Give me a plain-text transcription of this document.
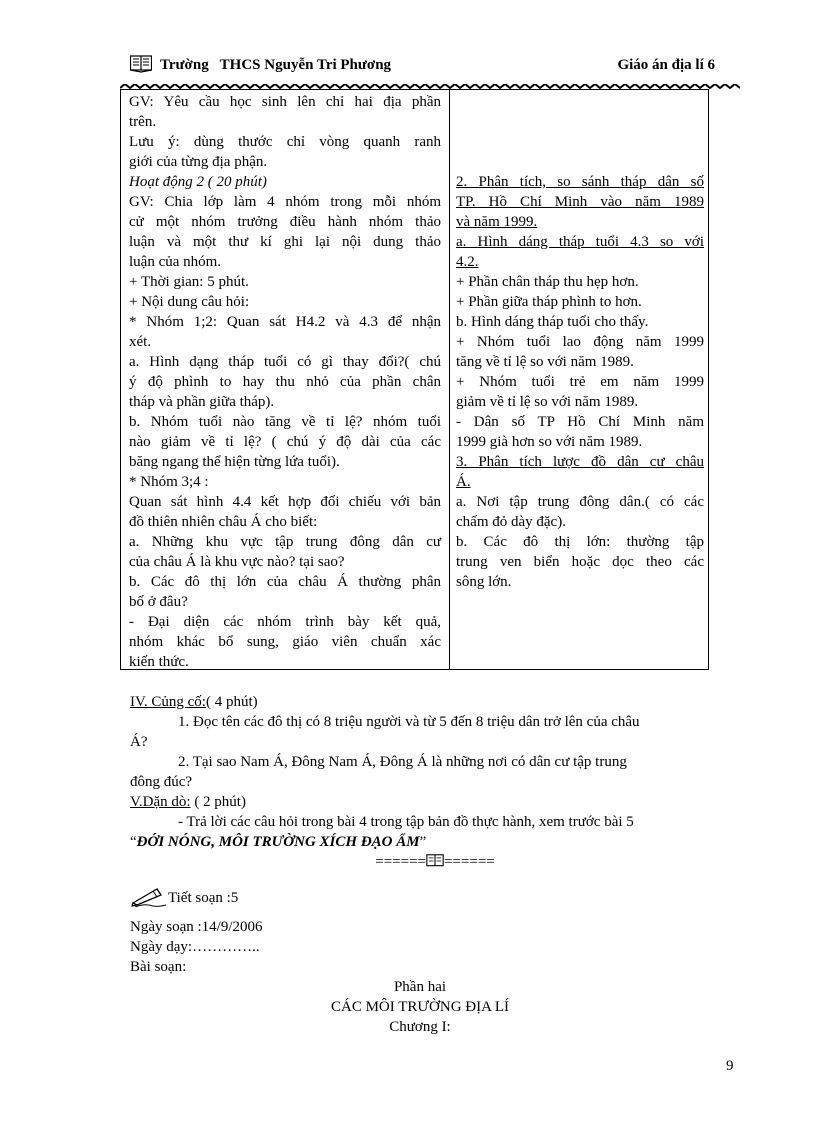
Trường   THCS Nguyễn Tri Phương	Giáo án địa lí 6
GV: Yêu cầu học sinh lên chỉ hai địa phần
trên.
Lưu ý: dùng thước chỉ vòng quanh ranh
giới của từng địa phận.
Hoạt động 2 ( 20 phút)
GV: Chia lớp làm 4 nhóm trong mỗi nhóm
cử một nhóm trưởng điều hành nhóm thảo
luận và một thư kí ghi lại nội dung thảo
luận của nhóm.
+ Thời gian: 5 phút.
+ Nội dung câu hỏi:
* Nhóm 1;2: Quan sát H4.2 và 4.3 để nhận
xét.
a. Hình dạng tháp tuổi có gì thay đổi?( chú
ý độ phình to hay thu nhỏ của phần chân
tháp và phần giữa tháp).
b. Nhóm tuổi nào tăng về tỉ lệ? nhóm tuổi
nào giảm về tỉ lệ? ( chú ý độ dài của các
băng ngang thể hiện từng lứa tuổi).
* Nhóm 3;4 :
Quan sát hình 4.4 kết hợp đối chiếu với bản
đồ thiên nhiên châu Á cho biết:
a. Những khu vực tập trung đông dân cư
của châu Á là khu vực nào? tại sao?
b. Các đô thị lớn của châu Á thường phân
bố ở đâu?
- Đại diện các nhóm trình bày kết quả,
nhóm khác bổ sung, giáo viên chuẩn xác
kiến thức.
2. Phân tích, so sánh tháp dân số
TP. Hồ Chí Minh vào năm 1989
và năm 1999.
a. Hình dáng tháp tuổi 4.3 so với
4.2.
+ Phần chân tháp thu hẹp hơn.
+ Phần giữa tháp phình to hơn.
b. Hình dáng tháp tuổi cho thấy.
+ Nhóm tuổi lao động năm 1999
tăng về tỉ lệ so với năm 1989.
+ Nhóm tuổi trẻ em năm 1999
giảm về tỉ lệ so với năm 1989.
- Dân số TP Hồ Chí Minh năm
1999 già hơn so với năm 1989.
3. Phân tích lược đồ dân cư châu
Á.
a. Nơi tập trung đông dân.( có các
chấm đỏ dày đặc).
b. Các đô thị lớn: thường tập
trung ven biển hoặc dọc theo các
sông lớn.
IV. Củng cố:( 4 phút)
1. Đọc tên các đô thị có 8 triệu người và từ 5 đến 8 triệu dân trở lên của châu
Á?
2. Tại sao Nam Á, Đông Nam Á, Đông Á là những nơi có dân cư tập trung
đông đúc?
V.Dặn dò: ( 2 phút)
- Trả lời các câu hỏi trong bài 4 trong tập bản đồ thực hành, xem trước bài 5
“ĐỚI NÓNG, MÔI TRƯỜNG XÍCH ĐẠO ẨM”
====== ======
Tiết soạn :5
Ngày soạn :14/9/2006
Ngày dạy:…………..
Bài soạn:
Phần hai
CÁC MÔI TRƯỜNG ĐỊA LÍ
Chương I:
9
